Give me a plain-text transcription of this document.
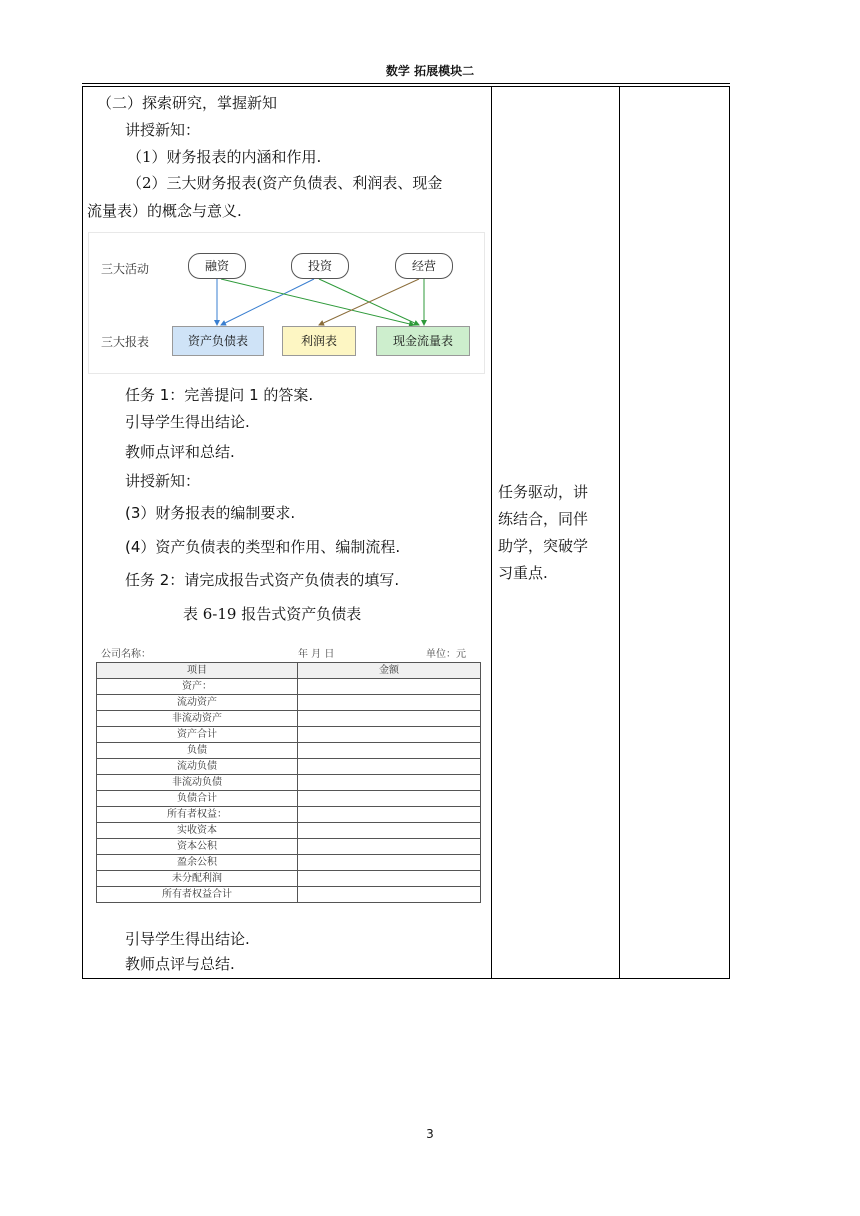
数学 拓展模块二
（二）探索研究，掌握新知
讲授新知：
（1）财务报表的内涵和作用.
（2）三大财务报表(资产负债表、利润表、现金
流量表）的概念与意义.
三大活动
三大报表
融资	投资	经营
资产负债表	利润表	现金流量表
任务 1：完善提问 1 的答案.
引导学生得出结论.
教师点评和总结.
讲授新知：
(3）财务报表的编制要求.
(4）资产负债表的类型和作用、编制流程.
任务 2：请完成报告式资产负债表的填写.
表 6-19 报告式资产负债表
公司名称：	年 月 日	单位：元
项目	金额
资产：	
流动资产	
非流动资产	
资产合计	
负债	
流动负债	
非流动负债	
负债合计	
所有者权益：	
实收资本	
资本公积	
盈余公积	
未分配利润	
所有者权益合计	
引导学生得出结论.
教师点评与总结.
任务驱动，讲
练结合，同伴
助学，突破学
习重点.
3
